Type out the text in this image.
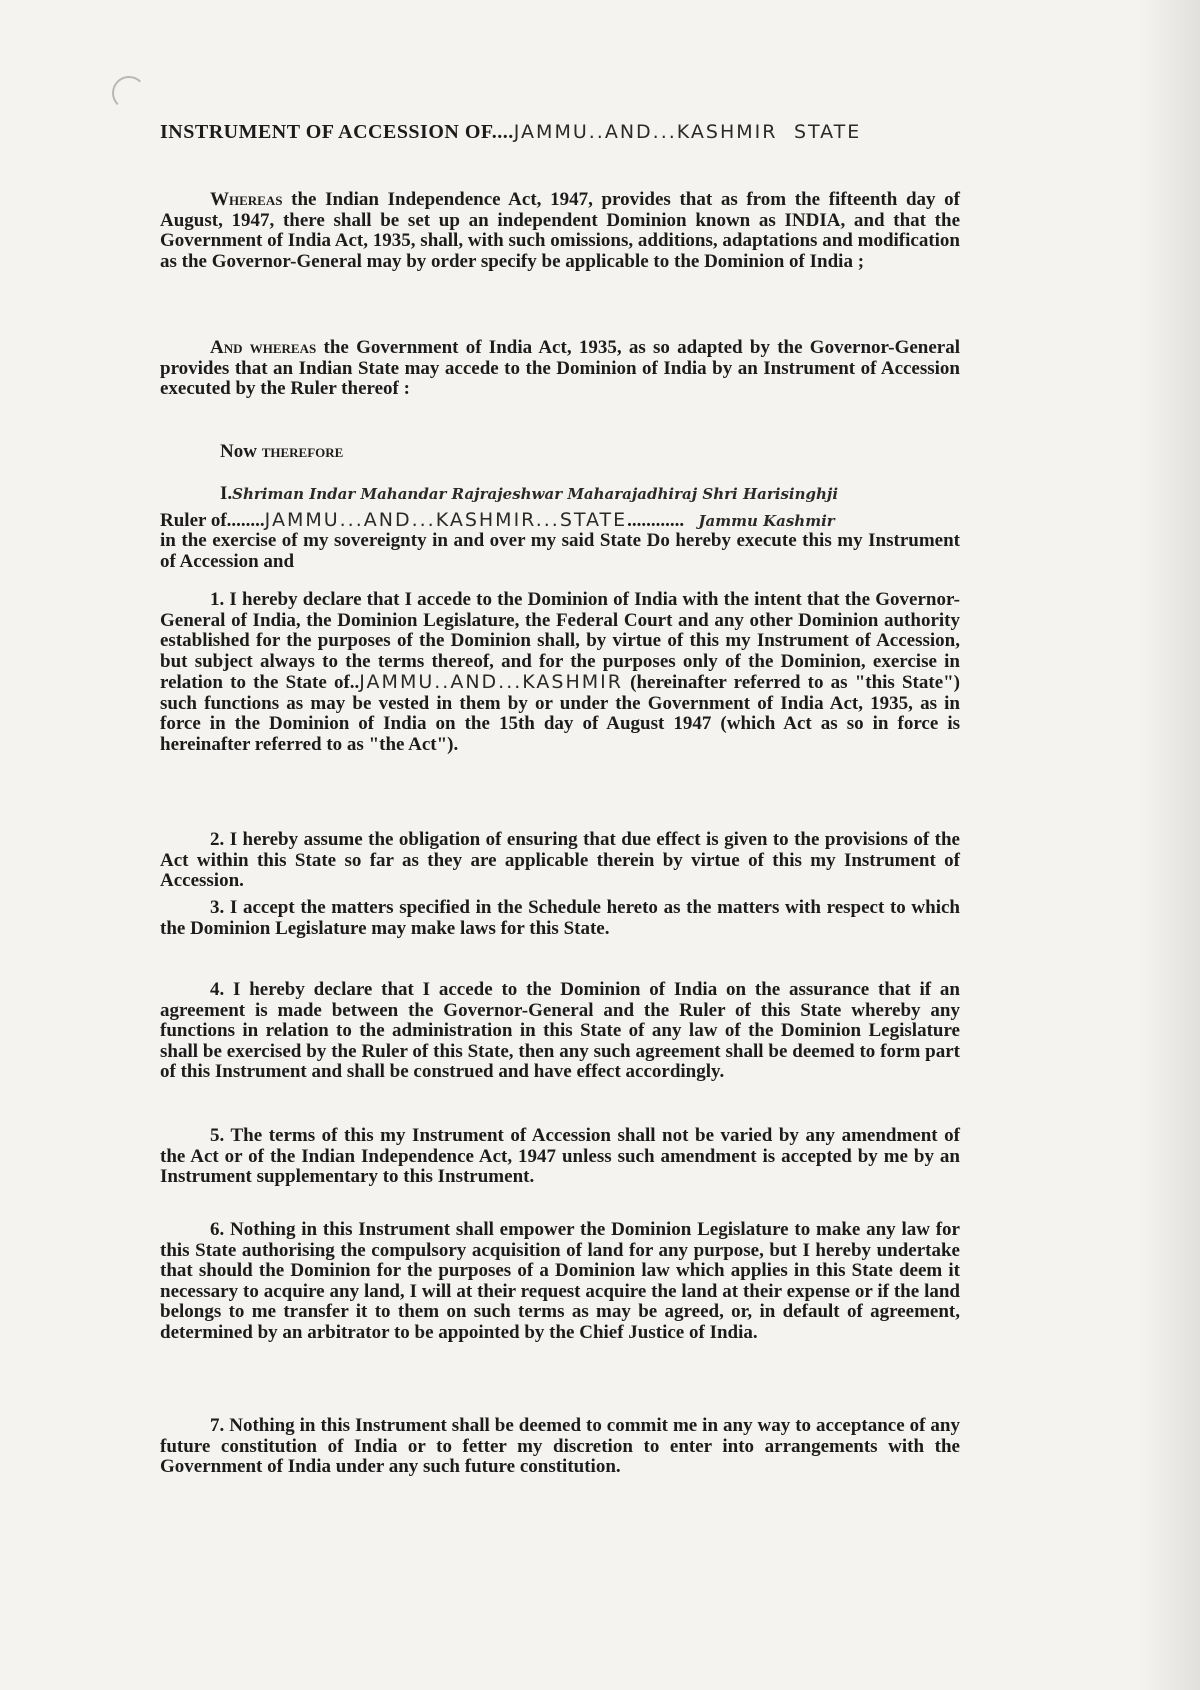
INSTRUMENT OF ACCESSION OF....JAMMU..AND...KASHMIR STATE
Whereas the Indian Independence Act, 1947, provides that as from the fifteenth day of August, 1947, there shall be set up an independent Dominion known as INDIA, and that the Government of India Act, 1935, shall, with such omissions, additions, adaptations and modification as the Governor-General may by order specify be applicable to the Dominion of India ;
And whereas the Government of India Act, 1935, as so adapted by the Governor-General provides that an Indian State may accede to the Dominion of India by an Instrument of Accession executed by the Ruler thereof :
Now therefore
I.Shriman Indar Mahandar Rajrajeshwar Maharajadhiraj Shri Harisinghji
Ruler of........JAMMU...AND...KASHMIR...STATE............ Jammu Kashmir
in the exercise of my sovereignty in and over my said State Do hereby execute this my Instrument of Accession and
1. I hereby declare that I accede to the Dominion of India with the intent that the Governor-General of India, the Dominion Legislature, the Federal Court and any other Dominion authority established for the purposes of the Dominion shall, by virtue of this my Instrument of Accession, but subject always to the terms thereof, and for the purposes only of the Dominion, exercise in relation to the State of..JAMMU..AND...KASHMIR (hereinafter referred to as "this State") such functions as may be vested in them by or under the Government of India Act, 1935, as in force in the Dominion of India on the 15th day of August 1947 (which Act as so in force is hereinafter referred to as "the Act").
2. I hereby assume the obligation of ensuring that due effect is given to the provisions of the Act within this State so far as they are applicable therein by virtue of this my Instrument of Accession.
3. I accept the matters specified in the Schedule hereto as the matters with respect to which the Dominion Legislature may make laws for this State.
4. I hereby declare that I accede to the Dominion of India on the assurance that if an agreement is made between the Governor-General and the Ruler of this State whereby any functions in relation to the administration in this State of any law of the Dominion Legislature shall be exercised by the Ruler of this State, then any such agreement shall be deemed to form part of this Instrument and shall be construed and have effect accordingly.
5. The terms of this my Instrument of Accession shall not be varied by any amendment of the Act or of the Indian Independence Act, 1947 unless such amendment is accepted by me by an Instrument supplementary to this Instrument.
6. Nothing in this Instrument shall empower the Dominion Legislature to make any law for this State authorising the compulsory acquisition of land for any purpose, but I hereby undertake that should the Dominion for the purposes of a Dominion law which applies in this State deem it necessary to acquire any land, I will at their request acquire the land at their expense or if the land belongs to me transfer it to them on such terms as may be agreed, or, in default of agreement, determined by an arbitrator to be appointed by the Chief Justice of India.
7. Nothing in this Instrument shall be deemed to commit me in any way to acceptance of any future constitution of India or to fetter my discretion to enter into arrangements with the Government of India under any such future constitution.
